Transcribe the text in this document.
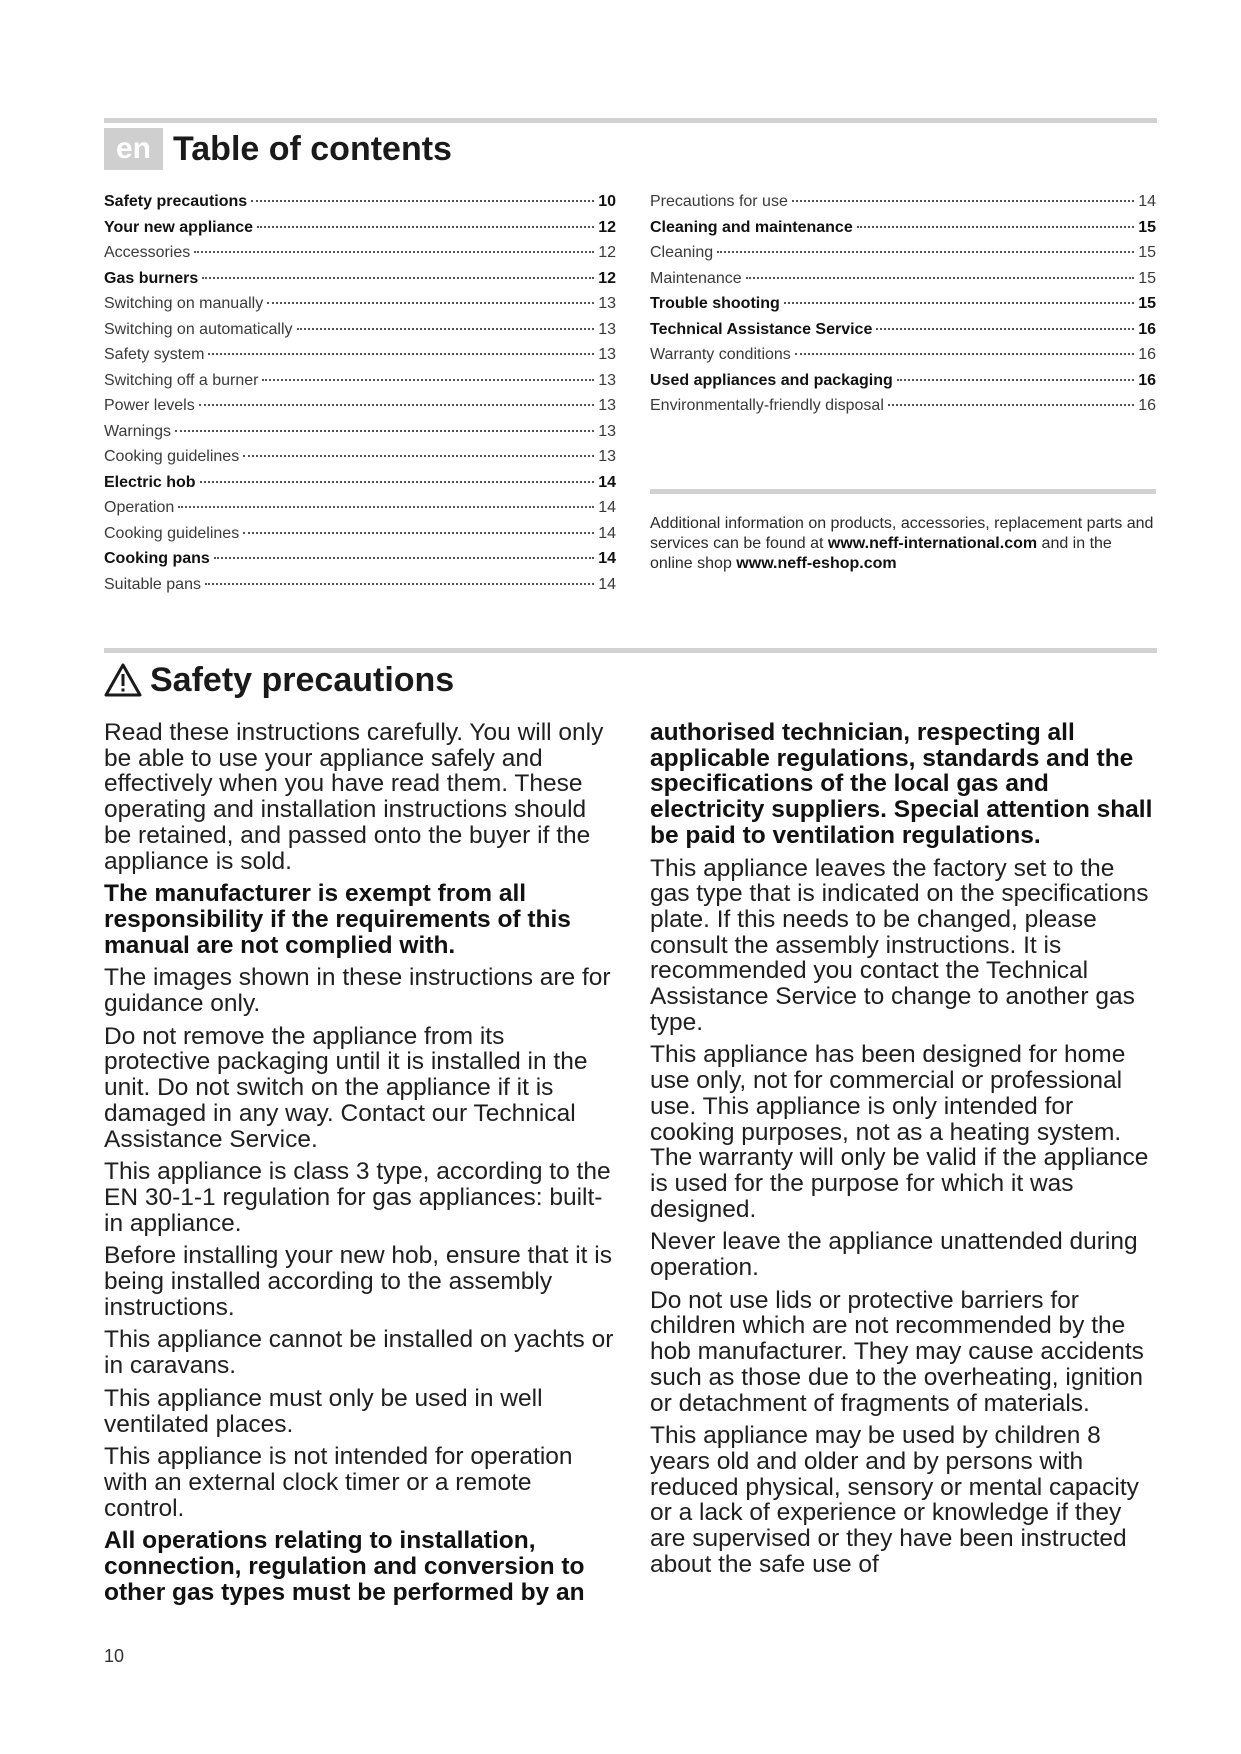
en Table of contents
Safety precautions	10
Your new appliance	12
Accessories	12
Gas burners	12
Switching on manually	13
Switching on automatically	13
Safety system	13
Switching off a burner	13
Power levels	13
Warnings	13
Cooking guidelines	13
Electric hob	14
Operation	14
Cooking guidelines	14
Cooking pans	14
Suitable pans	14
Precautions for use	14
Cleaning and maintenance	15
Cleaning	15
Maintenance	15
Trouble shooting	15
Technical Assistance Service	16
Warranty conditions	16
Used appliances and packaging	16
Environmentally-friendly disposal	16
Additional information on products, accessories, replacement parts and services can be found at www.neff-international.com and in the online shop www.neff-eshop.com
Safety precautions

Read these instructions carefully. You will only be able to use your appliance safely and effectively when you have read them. These operating and installation instructions should be retained, and passed onto the buyer if the appliance is sold.

The manufacturer is exempt from all responsibility if the requirements of this manual are not complied with.

The images shown in these instructions are for guidance only.

Do not remove the appliance from its protective packaging until it is installed in the unit. Do not switch on the appliance if it is damaged in any way. Contact our Technical Assistance Service.

This appliance is class 3 type, according to the EN 30-1-1 regulation for gas appliances: built-in appliance.

Before installing your new hob, ensure that it is being installed according to the assembly instructions.

This appliance cannot be installed on yachts or in caravans.

This appliance must only be used in well ventilated places.

This appliance is not intended for operation with an external clock timer or a remote control.

All operations relating to installation, connection, regulation and conversion to other gas types must be performed by an

authorised technician, respecting all applicable regulations, standards and the specifications of the local gas and electricity suppliers. Special attention shall be paid to ventilation regulations.

This appliance leaves the factory set to the gas type that is indicated on the specifications plate. If this needs to be changed, please consult the assembly instructions. It is recommended you contact the Technical Assistance Service to change to another gas type.

This appliance has been designed for home use only, not for commercial or professional use. This appliance is only intended for cooking purposes, not as a heating system. The warranty will only be valid if the appliance is used for the purpose for which it was designed.

Never leave the appliance unattended during operation.

Do not use lids or protective barriers for children which are not recommended by the hob manufacturer. They may cause accidents such as those due to the overheating, ignition or detachment of fragments of materials.

This appliance may be used by children 8 years old and older and by persons with reduced physical, sensory or mental capacity or a lack of experience or knowledge if they are supervised or they have been instructed about the safe use of

10
